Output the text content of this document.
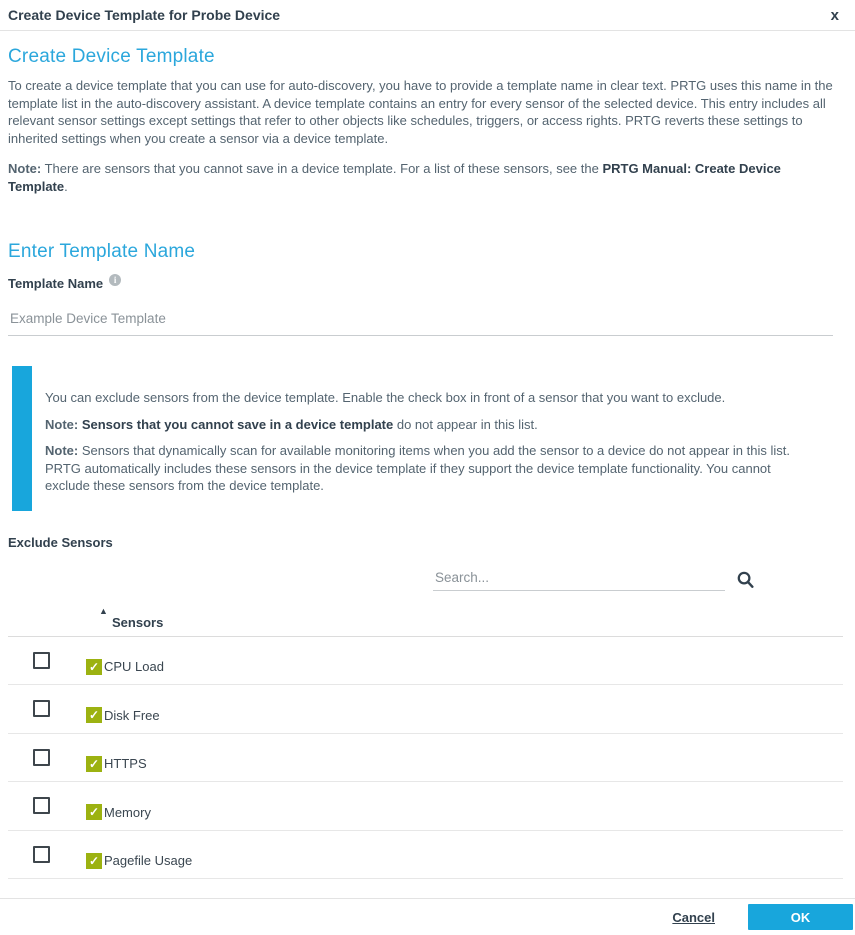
Create Device Template for Probe Device	x
Create Device Template

To create a device template that you can use for auto-discovery, you have to provide a template name in clear text. PRTG uses this name in the template list in the auto-discovery assistant. A device template contains an entry for every sensor of the selected device. This entry includes all relevant sensor settings except settings that refer to other objects like schedules, triggers, or access rights. PRTG reverts these settings to inherited settings when you create a sensor via a device template.

Note: There are sensors that you cannot save in a device template. For a list of these sensors, see the PRTG Manual: Create Device Template.

Enter Template Name
Template Name	i
Example Device Template

You can exclude sensors from the device template. Enable the check box in front of a sensor that you want to exclude.

Note: Sensors that you cannot save in a device template do not appear in this list.

Note: Sensors that dynamically scan for available monitoring items when you add the sensor to a device do not appear in this list. PRTG automatically includes these sensors in the device template if they support the device template functionality. You cannot exclude these sensors from the device template.

Exclude Sensors
Search...
▲
Sensors
✓ CPU Load
✓ Disk Free
✓ HTTPS
✓ Memory
✓ Pagefile Usage
Cancel	OK
